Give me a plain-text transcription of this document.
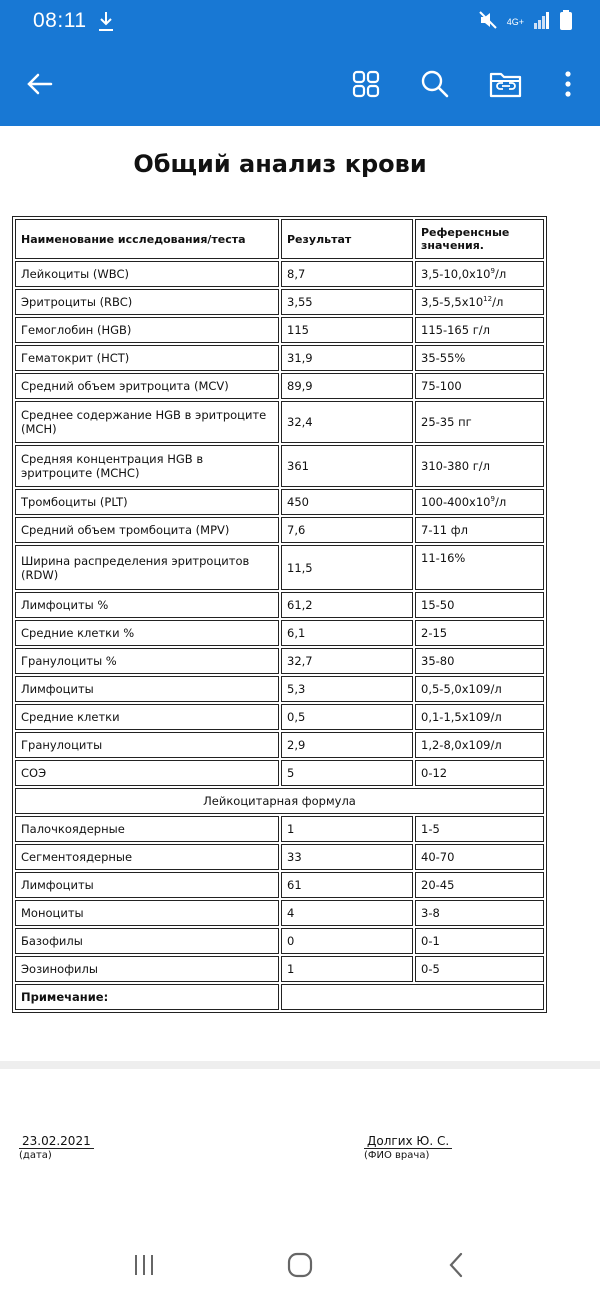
08:11	4G+
Общий анализ крови
Наименование исследования/теста	Результат	Референсные значения.
Лейкоциты (WBC)	8,7	$3,5-10,0х10^9/л$
Эритроциты (RBC)	3,55	$3,5-5,5х10^{12}/л$
Гемоглобин (HGB)	115	115-165 г/л
Гематокрит (HCT)	31,9	35-55%
Средний объем эритроцита (MCV)	89,9	75-100
Среднее содержание HGB в эритроците (MCH)	32,4	25-35 пг
Средняя концентрация HGB в эритроците (MCHC)	361	310-380 г/л
Тромбоциты (PLT)	450	$100-400х10^9/л$
Средний объем тромбоцита (MPV)	7,6	7-11 фл
Ширина распределения эритроцитов (RDW)	11,5	11-16%
Лимфоциты %	61,2	15-50
Средние клетки %	6,1	2-15
Гранулоциты %	32,7	35-80
Лимфоциты	5,3	0,5-5,0х109/л
Средние клетки	0,5	0,1-1,5х109/л
Гранулоциты	2,9	1,2-8,0х109/л
СОЭ	5	0-12
Лейкоцитарная формула		
Палочкоядерные	1	1-5
Сегментоядерные	33	40-70
Лимфоциты	61	20-45
Моноциты	4	3-8
Базофилы	0	0-1
Эозинофилы	1	0-5
Примечание:		
23.02.2021
(дата)
Долгих Ю. С.
(ФИО врача)
